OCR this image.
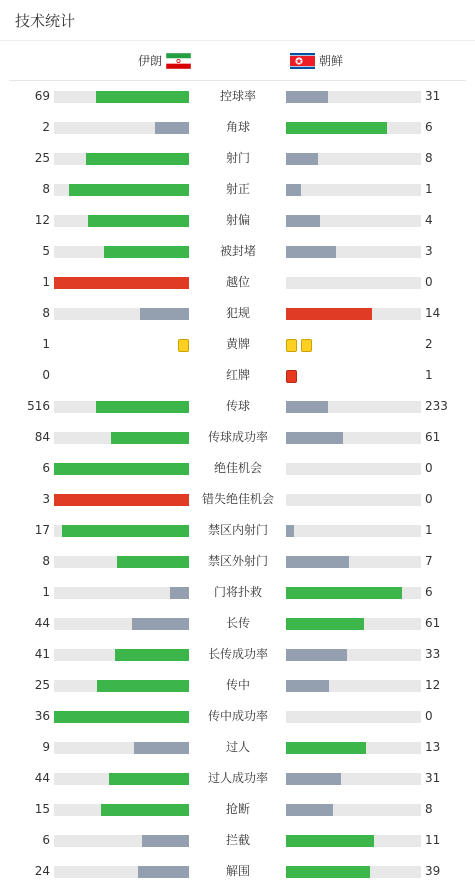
技术统计
伊朗	朝鲜
69	控球率	31
2	角球	6
25	射门	8
8	射正	1
12	射偏	4
5	被封堵	3
1	越位	0
8	犯规	14
1	黄牌	2
0	红牌	1
516	传球	233
84	传球成功率	61
6	绝佳机会	0
3	错失绝佳机会	0
17	禁区内射门	1
8	禁区外射门	7
1	门将扑救	6
44	长传	61
41	长传成功率	33
25	传中	12
36	传中成功率	0
9	过人	13
44	过人成功率	31
15	抢断	8
6	拦截	11
24	解围	39
